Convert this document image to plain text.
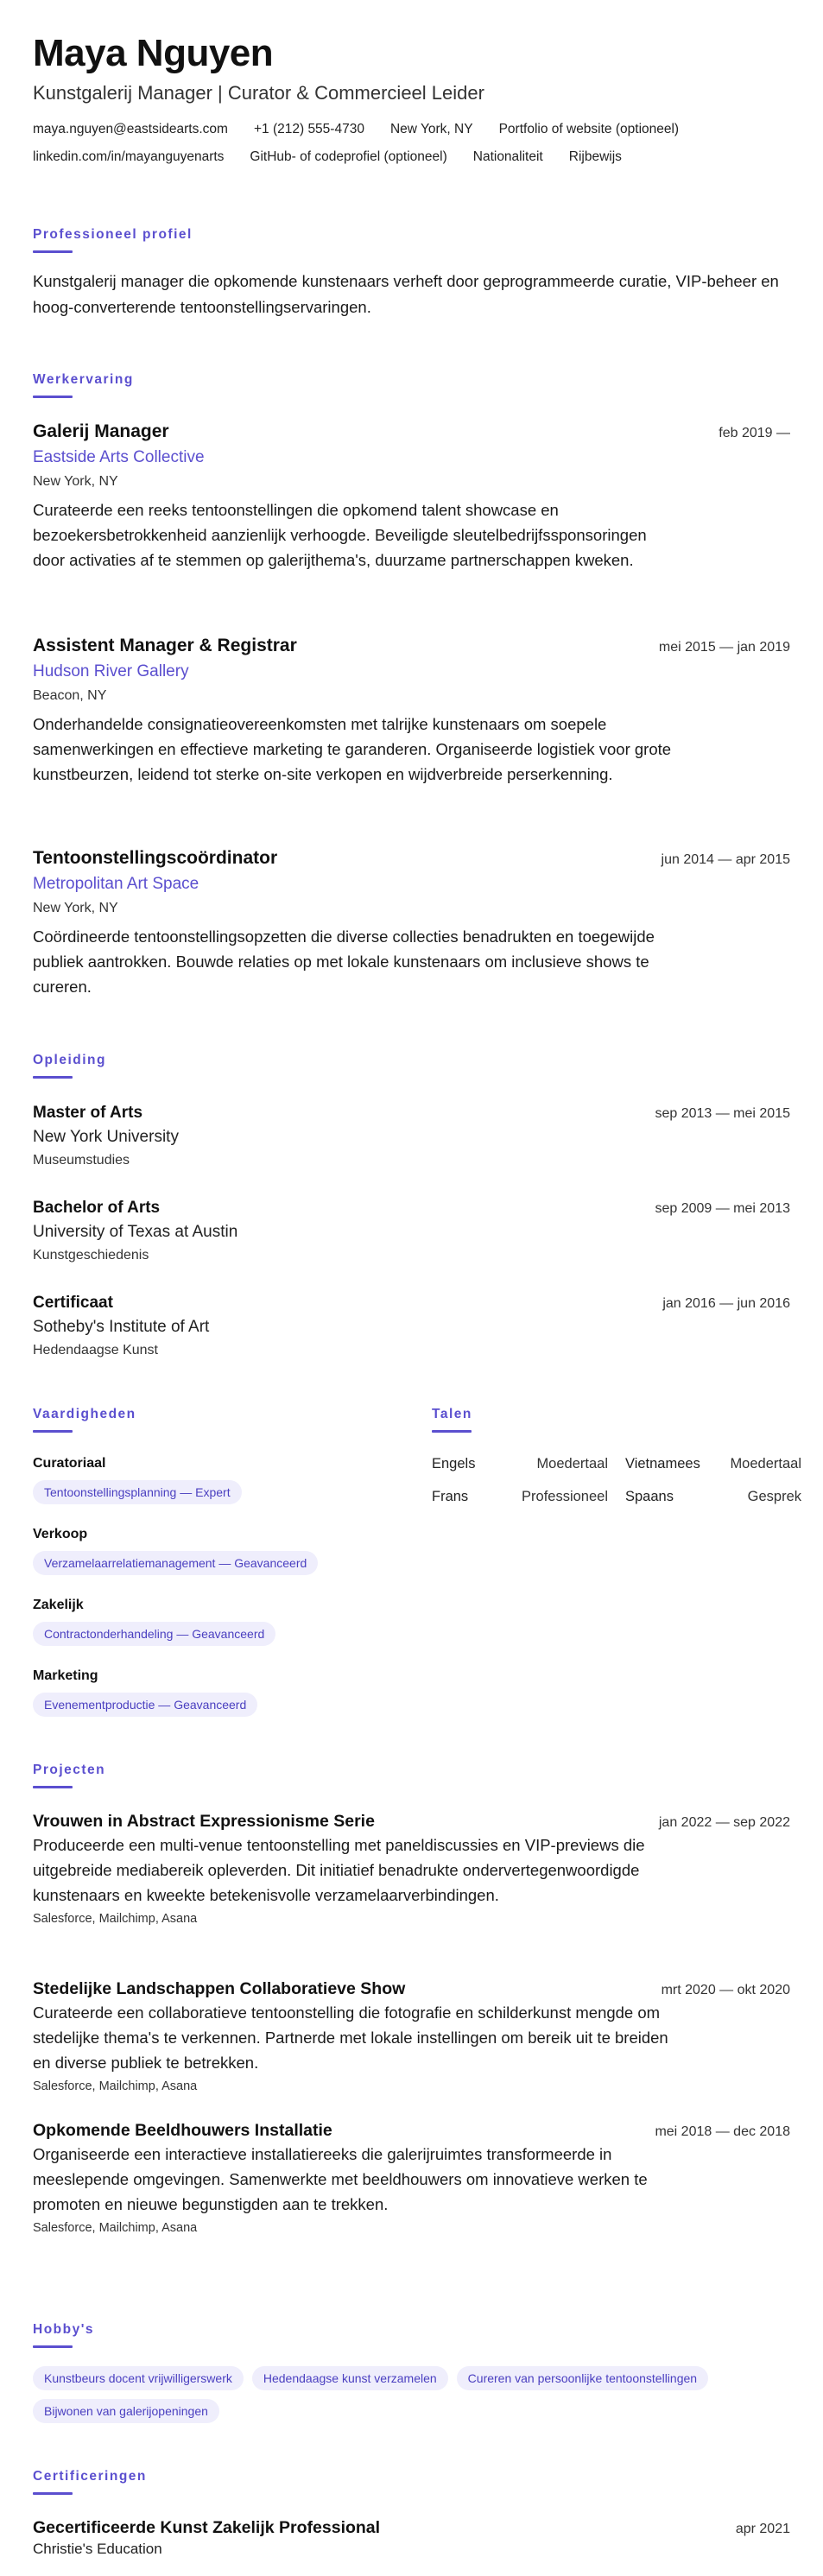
Maya Nguyen
Kunstgalerij Manager | Curator & Commercieel Leider
maya.nguyen@eastsidearts.com +1 (212) 555-4730 New York, NY Portfolio of website (optioneel)
linkedin.com/in/mayanguyenarts GitHub- of codeprofiel (optioneel) Nationaliteit Rijbewijs
Professioneel profiel
Kunstgalerij manager die opkomende kunstenaars verheft door geprogrammeerde curatie, VIP-beheer en hoog-converterende tentoonstellingservaringen.
Werkervaring
Galerij Manager	feb 2019 —
Eastside Arts Collective
New York, NY
Curateerde een reeks tentoonstellingen die opkomend talent showcase en bezoekersbetrokkenheid aanzienlijk verhoogde. Beveiligde sleutelbedrijfssponsoringen door activaties af te stemmen op galerijthema's, duurzame partnerschappen kweken.
Assistent Manager & Registrar	mei 2015 — jan 2019
Hudson River Gallery
Beacon, NY
Onderhandelde consignatieovereenkomsten met talrijke kunstenaars om soepele samenwerkingen en effectieve marketing te garanderen. Organiseerde logistiek voor grote kunstbeurzen, leidend tot sterke on-site verkopen en wijdverbreide perserkenning.
Tentoonstellingscoördinator	jun 2014 — apr 2015
Metropolitan Art Space
New York, NY
Coördineerde tentoonstellingsopzetten die diverse collecties benadrukten en toegewijde publiek aantrokken. Bouwde relaties op met lokale kunstenaars om inclusieve shows te cureren.
Opleiding
Master of Arts	sep 2013 — mei 2015
New York University
Museumstudies
Bachelor of Arts	sep 2009 — mei 2013
University of Texas at Austin
Kunstgeschiedenis
Certificaat	jan 2016 — jun 2016
Sotheby's Institute of Art
Hedendaagse Kunst
Vaardigheden
Curatoriaal
Tentoonstellingsplanning — Expert
Verkoop
Verzamelaarrelatiemanagement — Geavanceerd
Zakelijk
Contractonderhandeling — Geavanceerd
Marketing
Evenementproductie — Geavanceerd
Talen
Engels	Moedertaal Vietnamees Moedertaal
Frans	Professioneel Spaans	Gesprek
Projecten
Vrouwen in Abstract Expressionisme Serie	jan 2022 — sep 2022
Produceerde een multi-venue tentoonstelling met paneldiscussies en VIP-previews die uitgebreide mediabereik opleverden. Dit initiatief benadrukte ondervertegenwoordigde kunstenaars en kweekte betekenisvolle verzamelaarverbindingen.
Salesforce, Mailchimp, Asana
Stedelijke Landschappen Collaboratieve Show	mrt 2020 — okt 2020
Curateerde een collaboratieve tentoonstelling die fotografie en schilderkunst mengde om stedelijke thema's te verkennen. Partnerde met lokale instellingen om bereik uit te breiden en diverse publiek te betrekken.
Salesforce, Mailchimp, Asana
Opkomende Beeldhouwers Installatie	mei 2018 — dec 2018
Organiseerde een interactieve installatiereeks die galerijruimtes transformeerde in meeslepende omgevingen. Samenwerkte met beeldhouwers om innovatieve werken te promoten en nieuwe begunstigden aan te trekken.
Salesforce, Mailchimp, Asana
Hobby's
Kunstbeurs docent vrijwilligerswerk	Hedendaagse kunst verzamelen	Cureren van persoonlijke tentoonstellingen
Bijwonen van galerijopeningen
Certificeringen
Gecertificeerde Kunst Zakelijk Professional	apr 2021
Christie's Education
